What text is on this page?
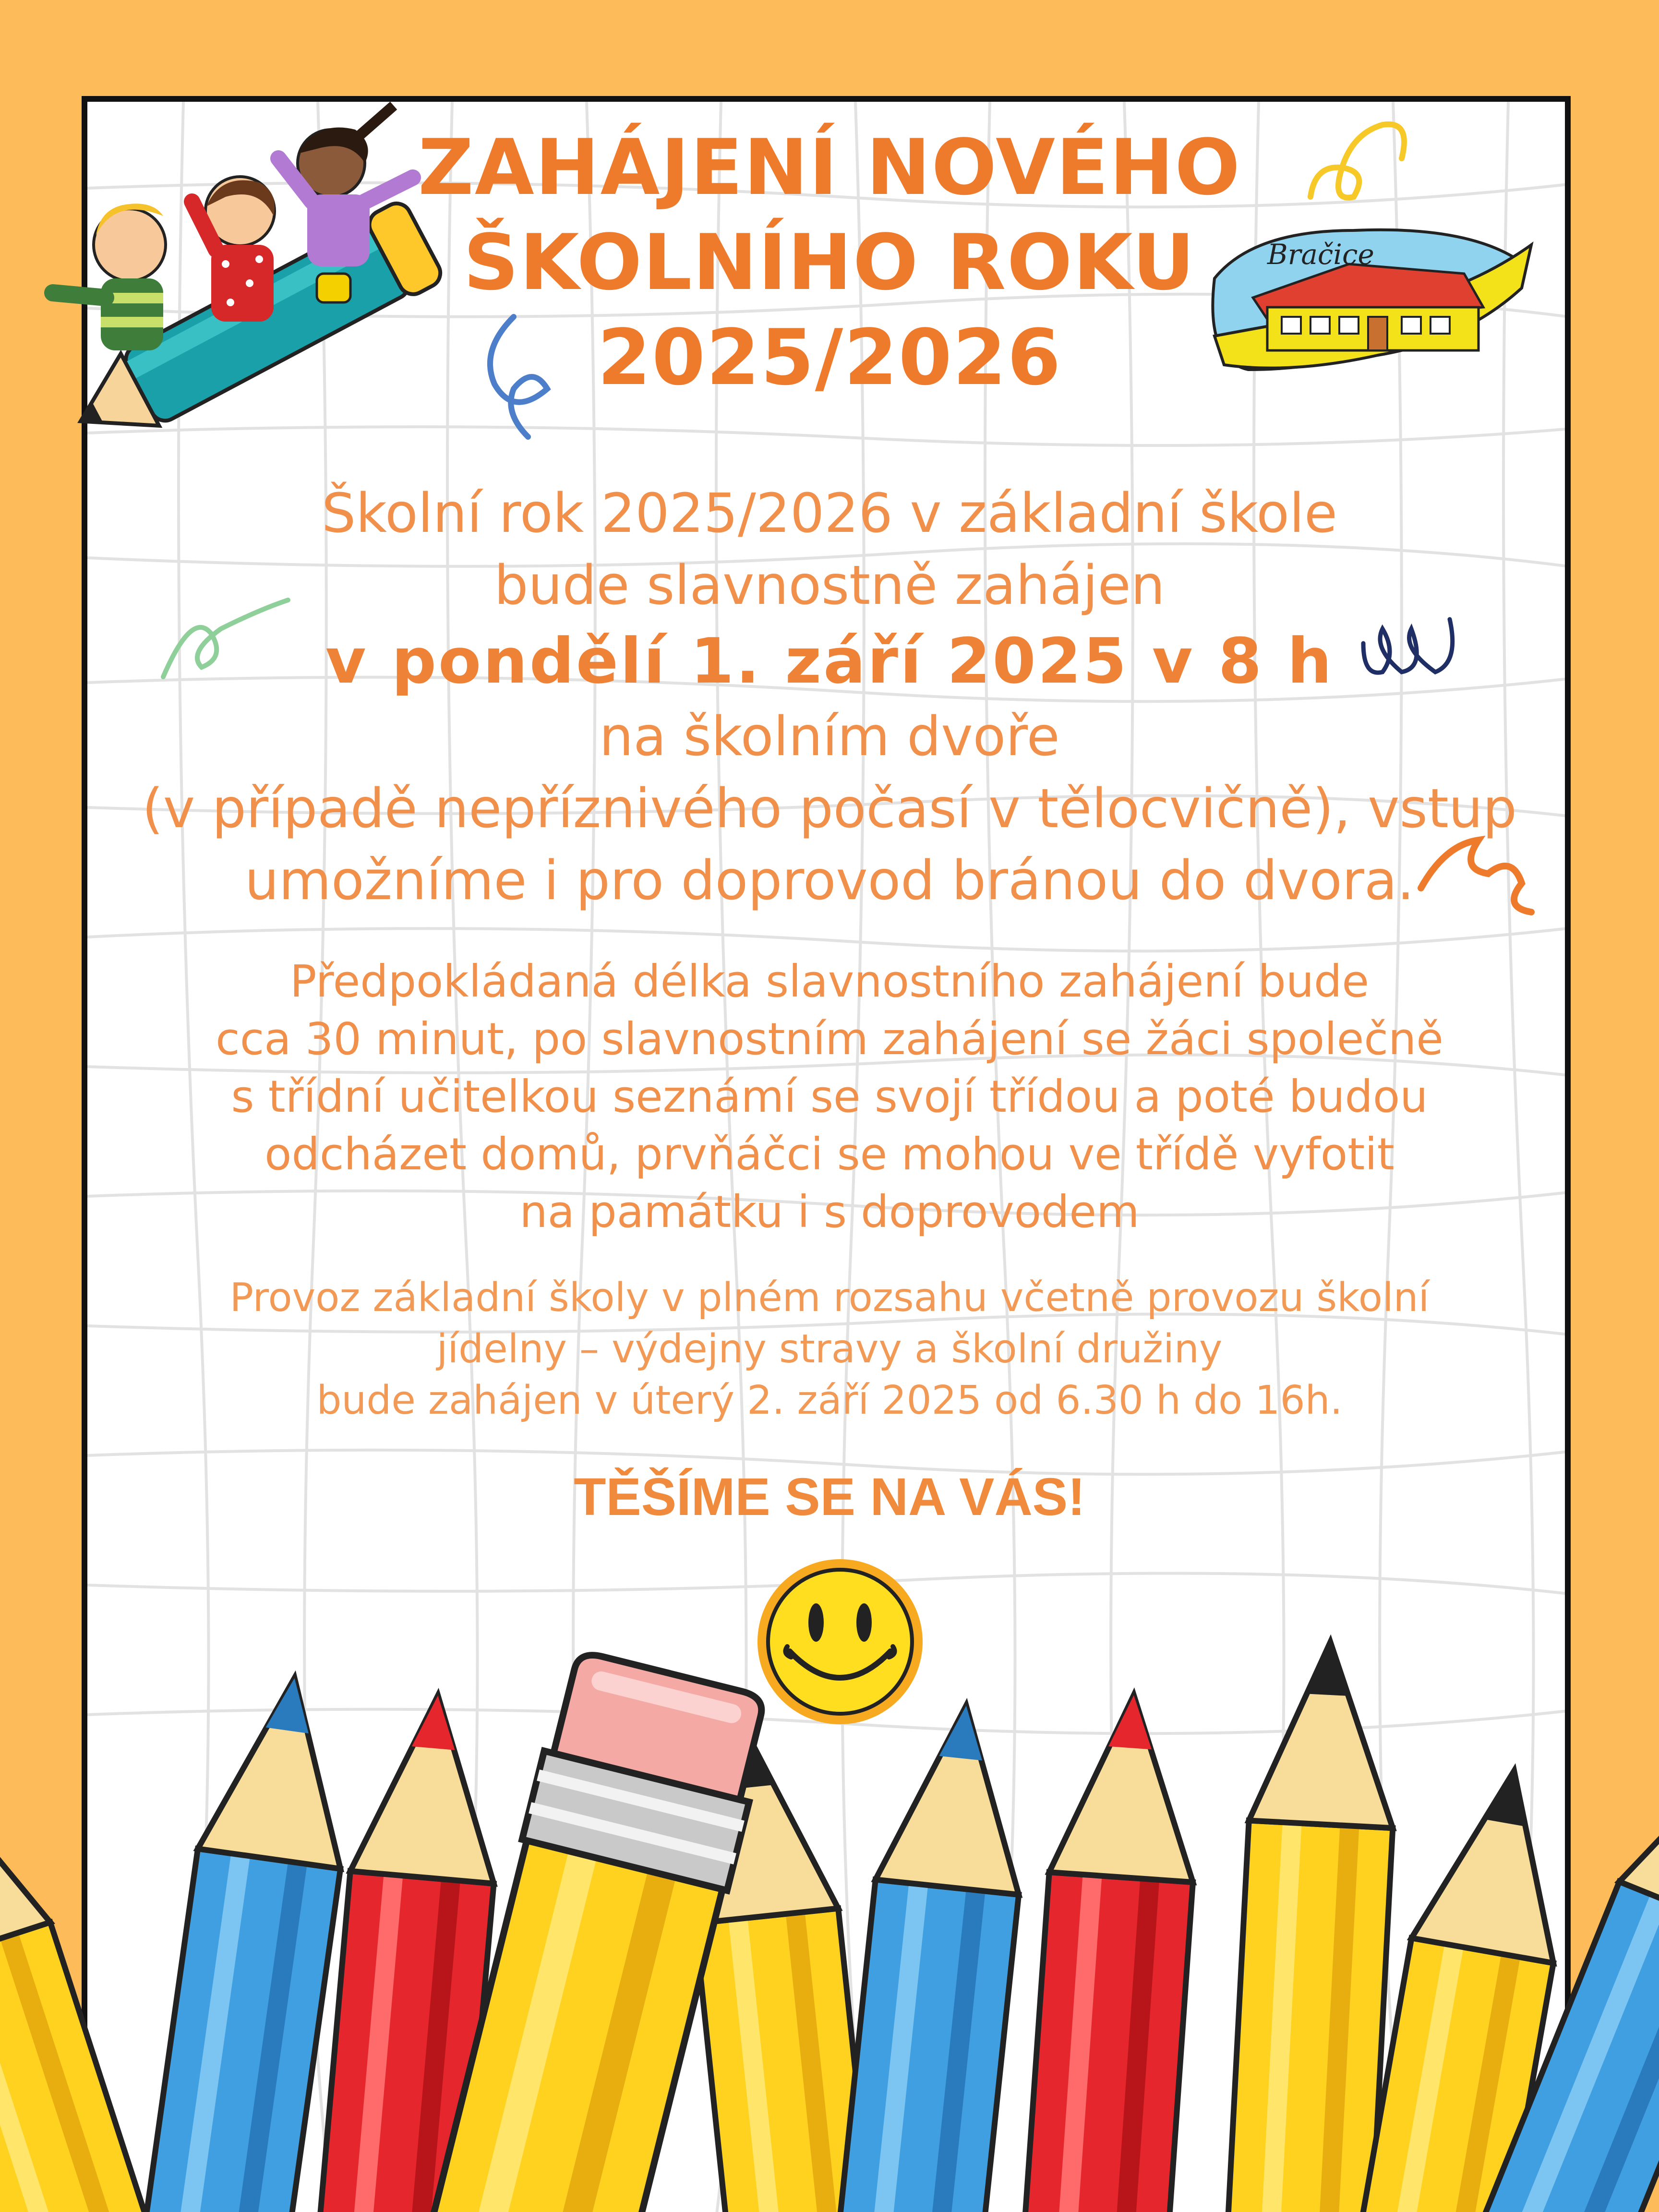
Bračice
ZAHÁJENÍ NOVÉHO
ŠKOLNÍHO ROKU
2025/2026
Školní rok 2025/2026 v základní škole
bude slavnostně zahájen
v pondělí 1. září 2025 v 8 h
na školním dvoře
(v případě nepříznivého počasí v tělocvičně), vstup
umožníme i pro doprovod bránou do dvora.
Předpokládaná délka slavnostního zahájení bude
cca 30 minut, po slavnostním zahájení se žáci společně
s třídní učitelkou seznámí se svojí třídou a poté budou
odcházet domů, prvňáčci se mohou ve třídě vyfotit
na památku i s doprovodem
Provoz základní školy v plném rozsahu včetně provozu školní
jídelny – výdejny stravy a školní družiny
bude zahájen v úterý 2. září 2025 od 6.30 h do 16h.
TĚŠÍME SE NA VÁS!
